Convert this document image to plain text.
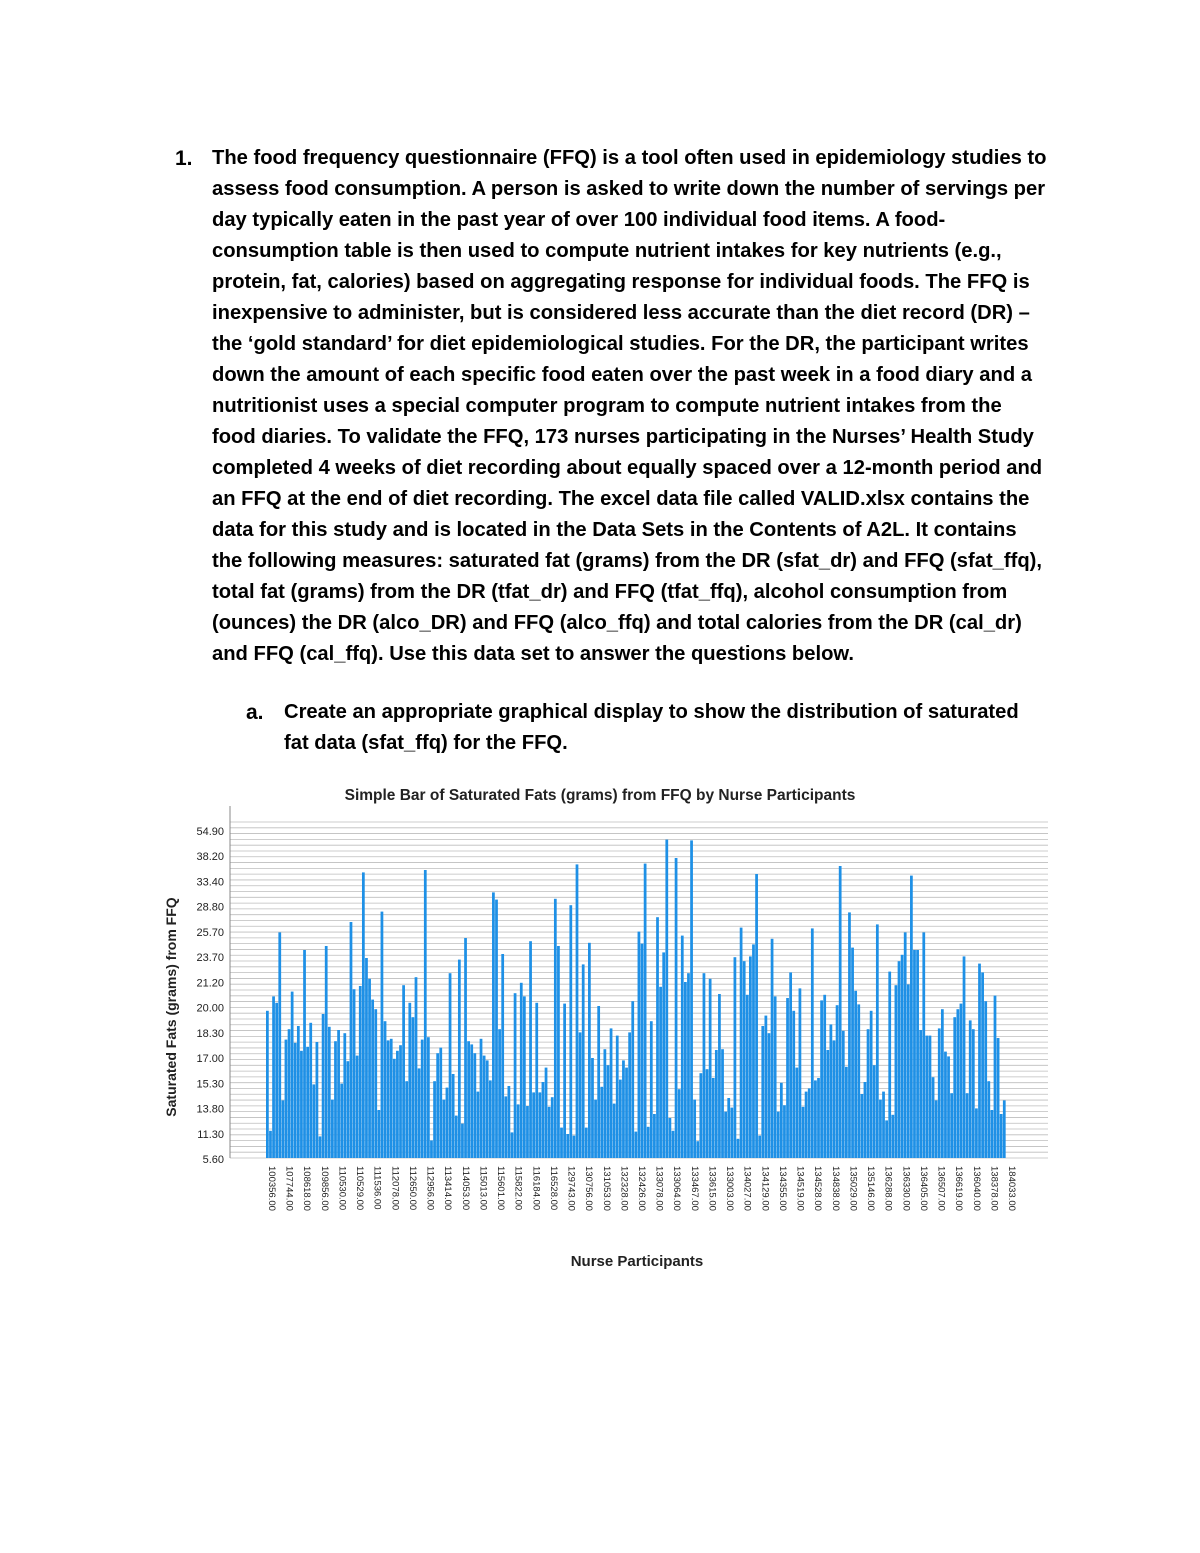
1. The food frequency questionnaire (FFQ) is a tool often used in epidemiology studies to
assess food consumption. A person is asked to write down the number of servings per
day typically eaten in the past year of over 100 individual food items. A food-
consumption table is then used to compute nutrient intakes for key nutrients (e.g.,
protein, fat, calories) based on aggregating response for individual foods. The FFQ is
inexpensive to administer, but is considered less accurate than the diet record (DR) –
the ‘gold standard’ for diet epidemiological studies. For the DR, the participant writes
down the amount of each specific food eaten over the past week in a food diary and a
nutritionist uses a special computer program to compute nutrient intakes from the
food diaries. To validate the FFQ, 173 nurses participating in the Nurses’ Health Study
completed 4 weeks of diet recording about equally spaced over a 12-month period and
an FFQ at the end of diet recording. The excel data file called VALID.xlsx contains the
data for this study and is located in the Data Sets in the Contents of A2L. It contains
the following measures: saturated fat (grams) from the DR (sfat_dr) and FFQ (sfat_ffq),
total fat (grams) from the DR (tfat_dr) and FFQ (tfat_ffq), alcohol consumption from
(ounces) the DR (alco_DR) and FFQ (alco_ffq) and total calories from the DR (cal_dr)
and FFQ (cal_ffq). Use this data set to answer the questions below.
a. Create an appropriate graphical display to show the distribution of saturated
fat data (sfat_ffq) for the FFQ.
Simple Bar of Saturated Fats (grams) from FFQ by Nurse Participants
Saturated Fats (grams) from FFQ
Nurse Participants
5.60
11.30
13.80
15.30
17.00
18.30
20.00
21.20
23.70
25.70
28.80
33.40
38.20
54.90
100356.00 107744.00 108618.00 109856.00 110530.00 110529.00 111536.00 112078.00 112650.00 112956.00 113414.00 114053.00 115013.00 115601.00 115822.00 116184.00 116528.00 129743.00 130756.00 131053.00 132328.00 132426.00 133078.00 133064.00 133467.00 133615.00 133003.00 134027.00 134129.00 134355.00 134519.00 134528.00 134838.00 135029.00 135146.00 136288.00 136330.00 136405.00 136507.00 136619.00 136040.00 138378.00 184033.00
